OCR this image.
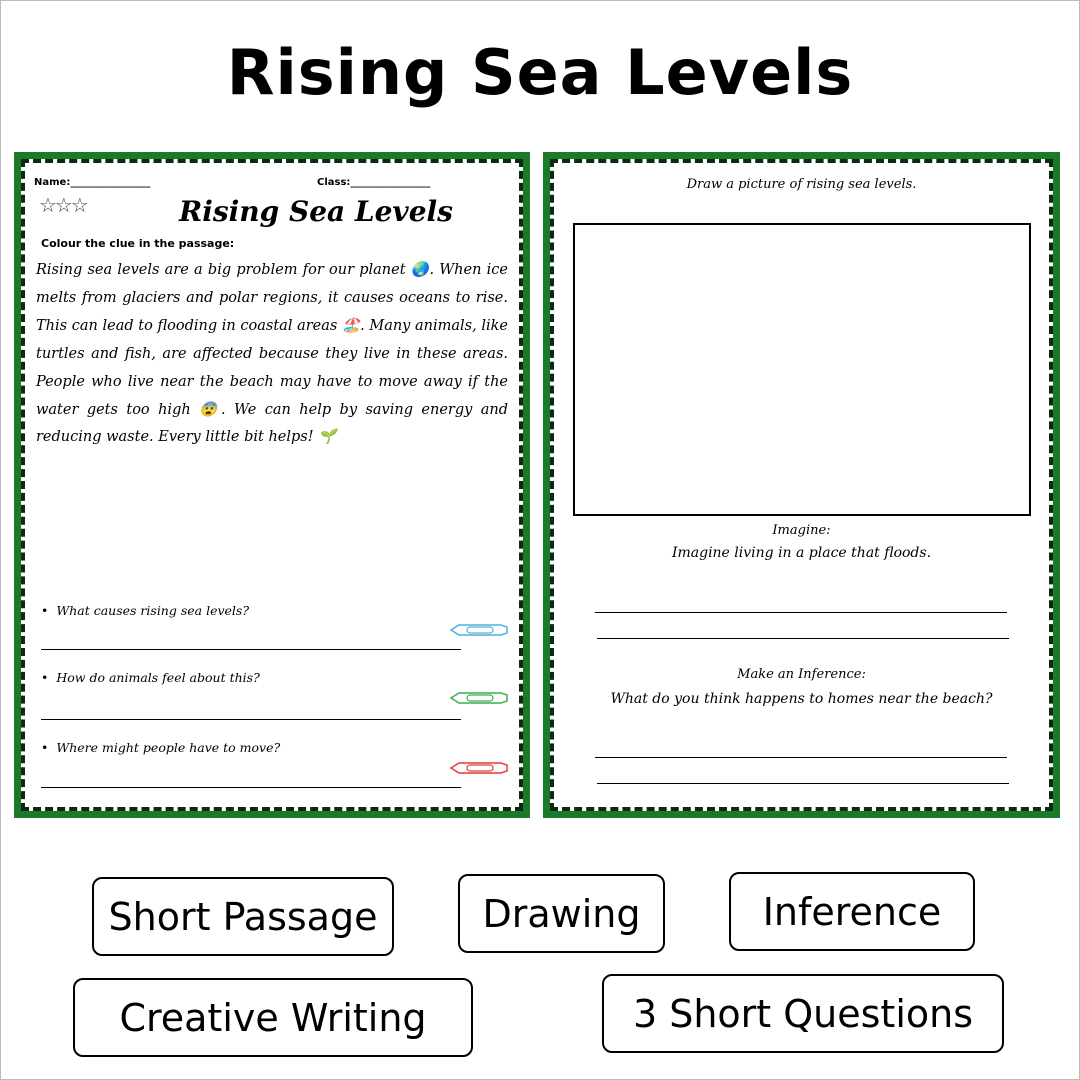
Rising Sea Levels
Name:________________	Class:________________
☆☆☆	Rising Sea Levels
Colour the clue in the passage:
Rising sea levels are a big problem for our planet 🌏. When ice melts from glaciers and polar regions, it causes oceans to rise. This can lead to flooding in coastal areas 🏖️. Many animals, like turtles and fish, are affected because they live in these areas. People who live near the beach may have to move away if the water gets too high 😨. We can help by saving energy and reducing waste. Every little bit helps! 🌱
• What causes rising sea levels?
• How do animals feel about this?
• Where might people have to move?
Draw a picture of rising sea levels.
Imagine:
Imagine living in a place that floods.
Make an Inference:
What do you think happens to homes near the beach?
Short Passage	Drawing	Inference
Creative Writing	3 Short Questions
